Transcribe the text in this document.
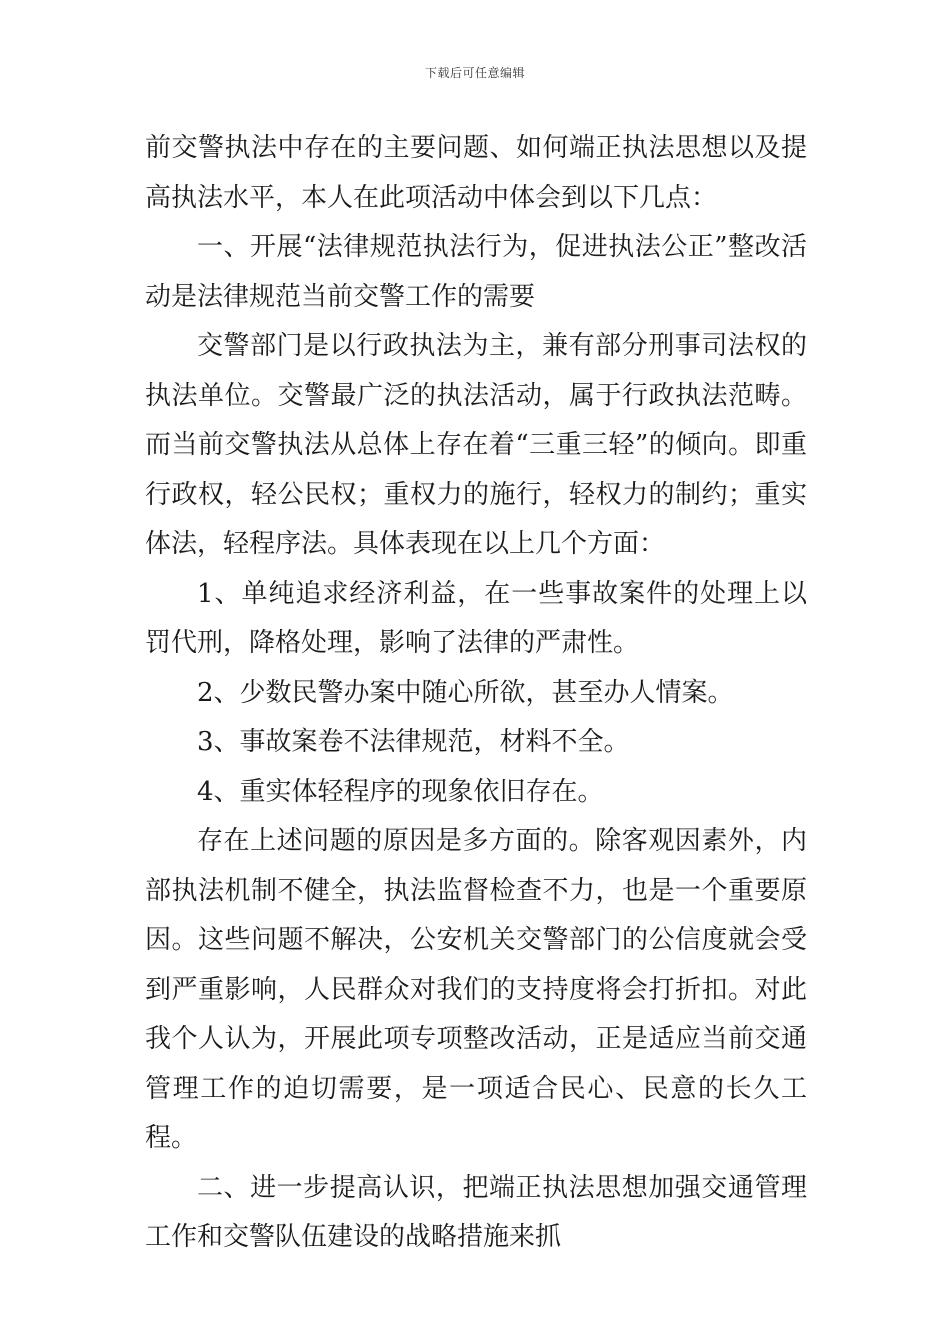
下载后可任意编辑

前交警执法中存在的主要问题、如何端正执法思想以及提高执法水平，本人在此项活动中体会到以下几点：

一、开展“法律规范执法行为，促进执法公正”整改活动是法律规范当前交警工作的需要

交警部门是以行政执法为主，兼有部分刑事司法权的执法单位。交警最广泛的执法活动，属于行政执法范畴。而当前交警执法从总体上存在着“三重三轻”的倾向。即重行政权，轻公民权；重权力的施行，轻权力的制约；重实体法，轻程序法。具体表现在以上几个方面：

1、单纯追求经济利益，在一些事故案件的处理上以罚代刑，降格处理，影响了法律的严肃性。

2、少数民警办案中随心所欲，甚至办人情案。

3、事故案卷不法律规范，材料不全。

4、重实体轻程序的现象依旧存在。

存在上述问题的原因是多方面的。除客观因素外，内部执法机制不健全，执法监督检查不力，也是一个重要原因。这些问题不解决，公安机关交警部门的公信度就会受到严重影响，人民群众对我们的支持度将会打折扣。对此我个人认为，开展此项专项整改活动，正是适应当前交通管理工作的迫切需要，是一项适合民心、民意的长久工程。

二、进一步提高认识，把端正执法思想加强交通管理工作和交警队伍建设的战略措施来抓
